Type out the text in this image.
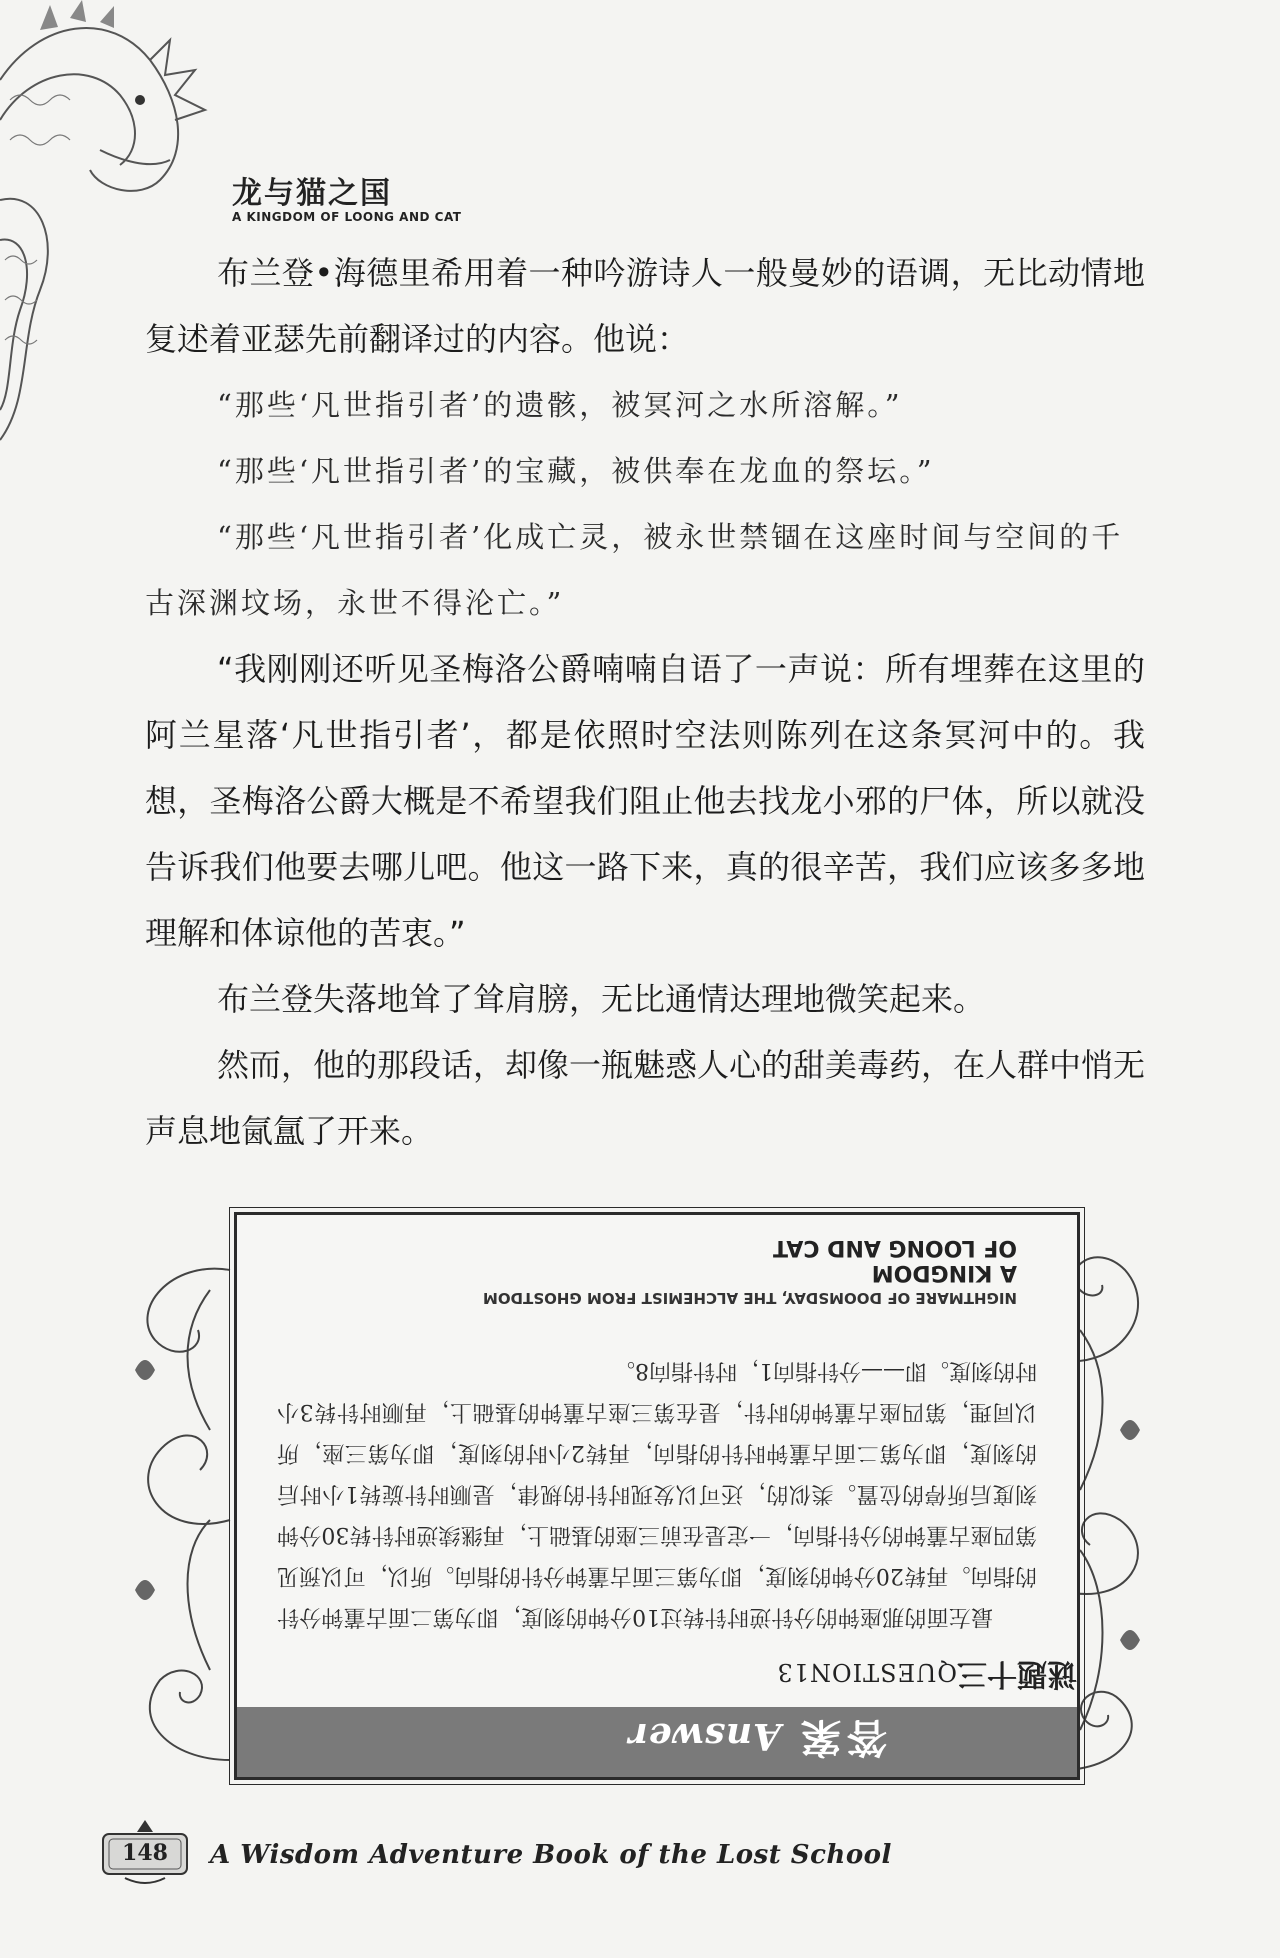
龙与猫之国
A KINGDOM OF LOONG AND CAT

布兰登•海德里希用着一种吟游诗人一般曼妙的语调，无比动情地复述着亚瑟先前翻译过的内容。他说：

“那些‘凡世指引者’的遗骸，被冥河之水所溶解。”

“那些‘凡世指引者’的宝藏，被供奉在龙血的祭坛。”

“那些‘凡世指引者’化成亡灵，被永世禁锢在这座时间与空间的千古深渊坟场，永世不得沦亡。”

“我刚刚还听见圣梅洛公爵喃喃自语了一声说：所有埋葬在这里的阿兰星落‘凡世指引者’，都是依照时空法则陈列在这条冥河中的。我想，圣梅洛公爵大概是不希望我们阻止他去找龙小邪的尸体，所以就没告诉我们他要去哪儿吧。他这一路下来，真的很辛苦，我们应该多多地理解和体谅他的苦衷。”

布兰登失落地耸了耸肩膀，无比通情达理地微笑起来。

然而，他的那段话，却像一瓶魅惑人心的甜美毒药，在人群中悄无声息地氤氲了开来。

答案Answer
谜题十三QUESTION13
最左面的那座钟的分针逆时针转过10分钟的刻度，即为第二面古董钟分针的指向。再转20分钟的刻度，即为第三面古董钟分针的指向。所以，可以预见第四座古董钟的分针指向，一定是在前三座的基础上，再继续逆时针转30分钟刻度后所停的位置。类似的，还可以发现时针的规律，是顺时针旋转1小时后的刻度，即为第二面古董钟时针的指向，再转2小时的刻度，即为第三座，所以同理，第四座古董钟的时针，是在第三座古董钟的基础上，再顺时针转3小时的刻度。即——分针指向1，时针指向8。
NIGHTMARE OF DOOMSDAY, THE ALCHEMIST FROM GHOSTDOM
A KINGDOM
OF LOONG AND CAT
148	A Wisdom Adventure Book of the Lost School
